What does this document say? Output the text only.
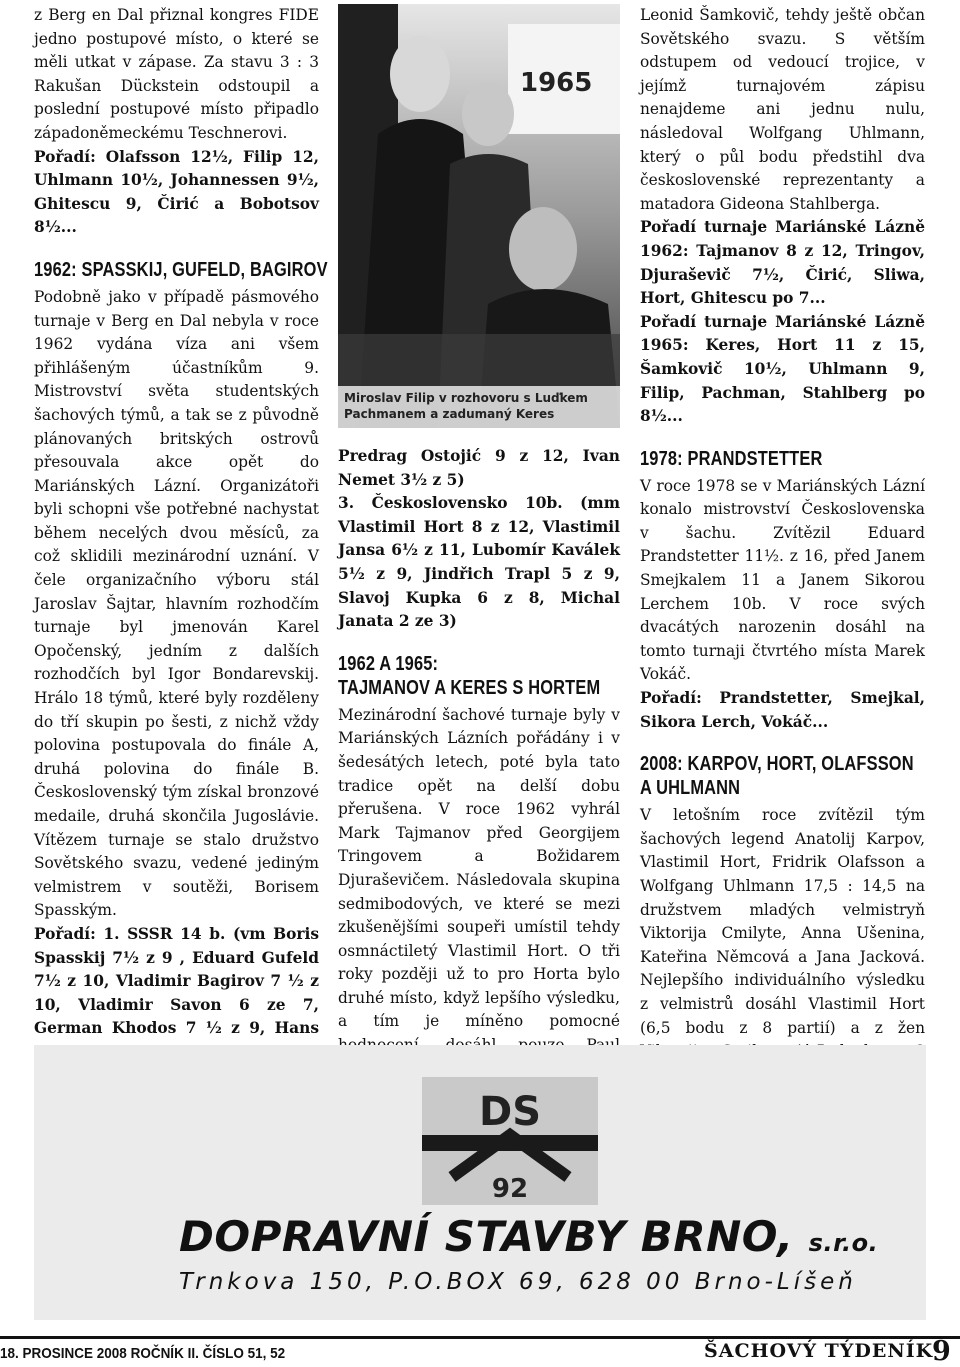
z Berg en Dal přiznal kongres FIDE jedno postupové místo, o které se měli utkat v zápase. Za stavu 3 : 3 Rakušan Dückstein odstoupil a poslední postupové místo připadlo západoněmeckému Teschnerovi.

Pořadí: Olafsson 12½, Filip 12, Uhlmann 10½, Johannessen 9½, Ghitescu 9, Čirić a Bobotsov 8½...

1962: SPASSKIJ, GUFELD, BAGIROV

Podobně jako v případě pásmového turnaje v Berg en Dal nebyla v roce 1962 vydána víza ani všem přihlášeným účastníkům 9. Mistrovství světa studentských šachových týmů, a tak se z původně plánovaných britských ostrovů přesouvala akce opět do Mariánských Lázní. Organizátoři byli schopni vše potřebné nachystat během necelých dvou měsíců, za což sklidili mezinárodní uznání. V čele organizačního výboru stál Jaroslav Šajtar, hlavním rozhodčím turnaje byl jmenován Karel Opočenský, jedním z dalších rozhodčích byl Igor Bondarevskij. Hrálo 18 týmů, které byly rozděleny do tří skupin po šesti, z nichž vždy polovina postupovala do finále A, druhá polovina do finále B. Československý tým získal bronzové medaile, druhá skončila Jugoslávie. Vítězem turnaje se stalo družstvo Sovětského svazu, vedené jediným velmistrem v soutěži, Borisem Spasským.

Pořadí: 1. SSSR 14 b. (vm Boris Spasskij 7½ z 9 , Eduard Gufeld 7½ z 10, Vladimir Bagirov 7 ½ z 10, Vladimir Savon 6 ze 7, German Khodos 7 ½ z 9, Hans

1965
Miroslav Filip v rozhovoru s Luďkem Pachmanem a zadumaný Keres

Predrag Ostojić 9 z 12, Ivan Nemet 3½ z 5)

3. Československo 10b. (mm Vlastimil Hort 8 z 12, Vlastimil Jansa 6½ z 11, Lubomír Kaválek 5½ z 9, Jindřich Trapl 5 z 9, Slavoj Kupka 6 z 8, Michal Janata 2 ze 3)

1962 A 1965:
TAJMANOV A KERES S HORTEM

Mezinárodní šachové turnaje byly v Mariánských Lázních pořádány i v šedesátých letech, poté byla tato tradice opět na delší dobu přerušena. V roce 1962 vyhrál Mark Tajmanov před Georgijem Tringovem a Božidarem Djuraševičem. Následovala skupina sedmibodových, ve které se mezi zkušenějšími soupeři umístil tehdy osmnáctiletý Vlastimil Hort. O tři roky později už to pro Horta bylo druhé místo, když lepšího výsledku, a tím je míněno pomocné

Leonid Šamkovič, tehdy ještě občan Sovětského svazu. S větším odstupem od vedoucí trojice, v jejímž turnajovém zápisu nenajdeme ani jednu nulu, následoval Wolfgang Uhlmann, který o půl bodu předstihl dva československé reprezentanty a matadora Gideona Stahlberga.

Pořadí turnaje Mariánské Lázně 1962: Tajmanov 8 z 12, Tringov, Djuraševič 7½, Čirić, Sliwa, Hort, Ghitescu po 7...

Pořadí turnaje Mariánské Lázně 1965: Keres, Hort 11 z 15, Šamkovič 10½, Uhlmann 9, Filip, Pachman, Stahlberg po 8½...

1978: PRANDSTETTER

V roce 1978 se v Mariánských Lázní konalo mistrovství Československa v šachu. Zvítězil Eduard Prandstetter 11½. z 16, před Janem Smejkalem 11 a Janem Sikorou Lerchem 10b. V roce svých dvacátých narozenin dosáhl na tomto turnaji čtvrtého místa Marek Vokáč.

Pořadí: Prandstetter, Smejkal, Sikora Lerch, Vokáč...

2008: KARPOV, HORT, OLAFSSON
A UHLMANN

V letošním roce zvítězil tým šachových legend Anatolij Karpov, Vlastimil Hort, Fridrik Olafsson a Wolfgang Uhlmann 17,5 : 14,5 na družstvem mladých velmistryň Viktorija Cmilyte, Anna Ušenina, Kateřina Němcová a Jana Jacková. Nejlepšího individuálního výsledku z velmistrů dosáhl Vlastimil Hort (6,5 bodu z 8 partií) a z žen

DS
92
DOPRAVNÍ STAVBY BRNO, s.r.o.
Trnkova 150, P.O.BOX 69, 628 00 Brno-Líšeň
18. PROSINCE 2008 ROČNÍK II. ČÍSLO 51, 52	ŠACHOVÝ TÝDENÍK
9
